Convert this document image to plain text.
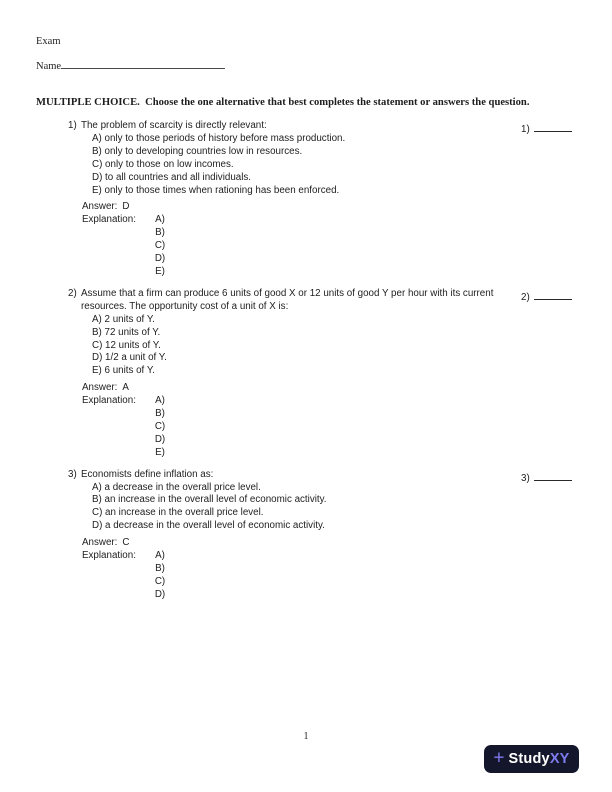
Exam
Name
MULTIPLE CHOICE.  Choose the one alternative that best completes the statement or answers the question.
1) The problem of scarcity is directly relevant:
A) only to those periods of history before mass production.
B) only to developing countries low in resources.
C) only to those on low incomes.
D) to all countries and all individuals.
E) only to those times when rationing has been enforced.
Answer: D
Explanation:	A)
B)
C)
D)
E)
1)
2) Assume that a firm can produce 6 units of good X or 12 units of good Y per hour with its current resources. The opportunity cost of a unit of X is:
A) 2 units of Y.
B) 72 units of Y.
C) 12 units of Y.
D) 1/2 a unit of Y.
E) 6 units of Y.
Answer: A
Explanation:	A)
B)
C)
D)
E)
2)
3) Economists define inflation as:
A) a decrease in the overall price level.
B) an increase in the overall level of economic activity.
C) an increase in the overall price level.
D) a decrease in the overall level of economic activity.
Answer: C
Explanation:	A)
B)
C)
D)
3)
1
+ Study XY
